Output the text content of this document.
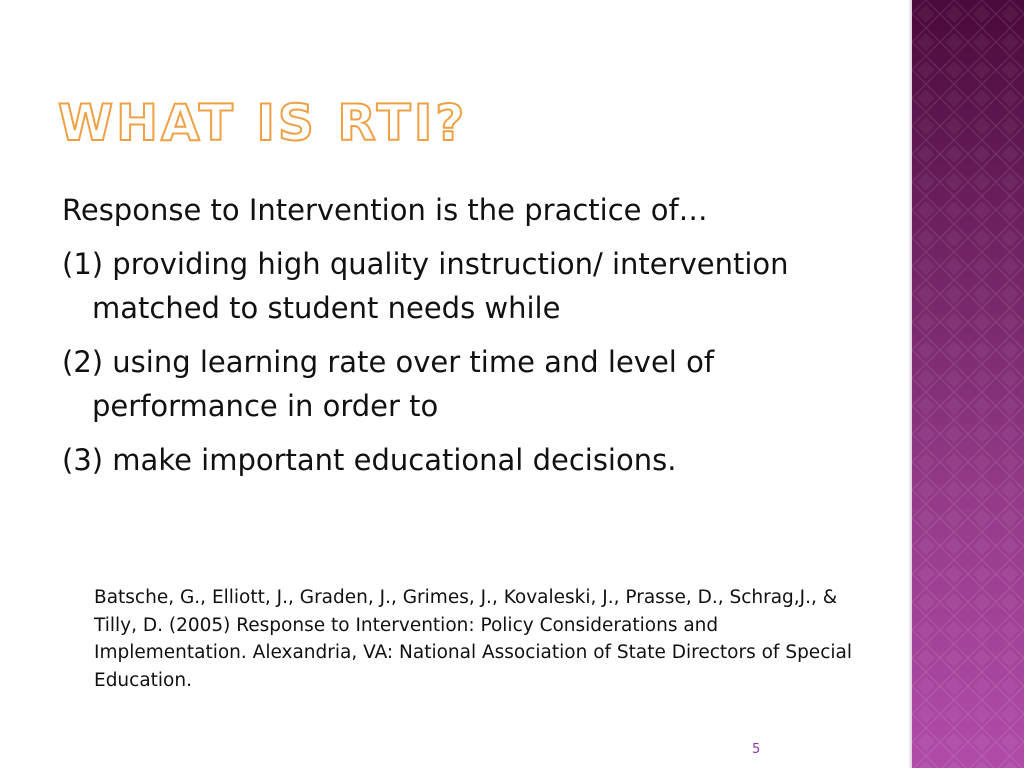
WHAT IS RTI?

Response to Intervention is the practice of…

(1) providing high quality instruction/ intervention matched to student needs while

(2) using learning rate over time and level of performance in order to

(3) make important educational decisions.

Batsche, G., Elliott, J., Graden, J., Grimes, J., Kovaleski, J., Prasse, D., Schrag,J., & Tilly, D. (2005) Response to Intervention: Policy Considerations and Implementation. Alexandria, VA: National Association of State Directors of Special Education.
5
